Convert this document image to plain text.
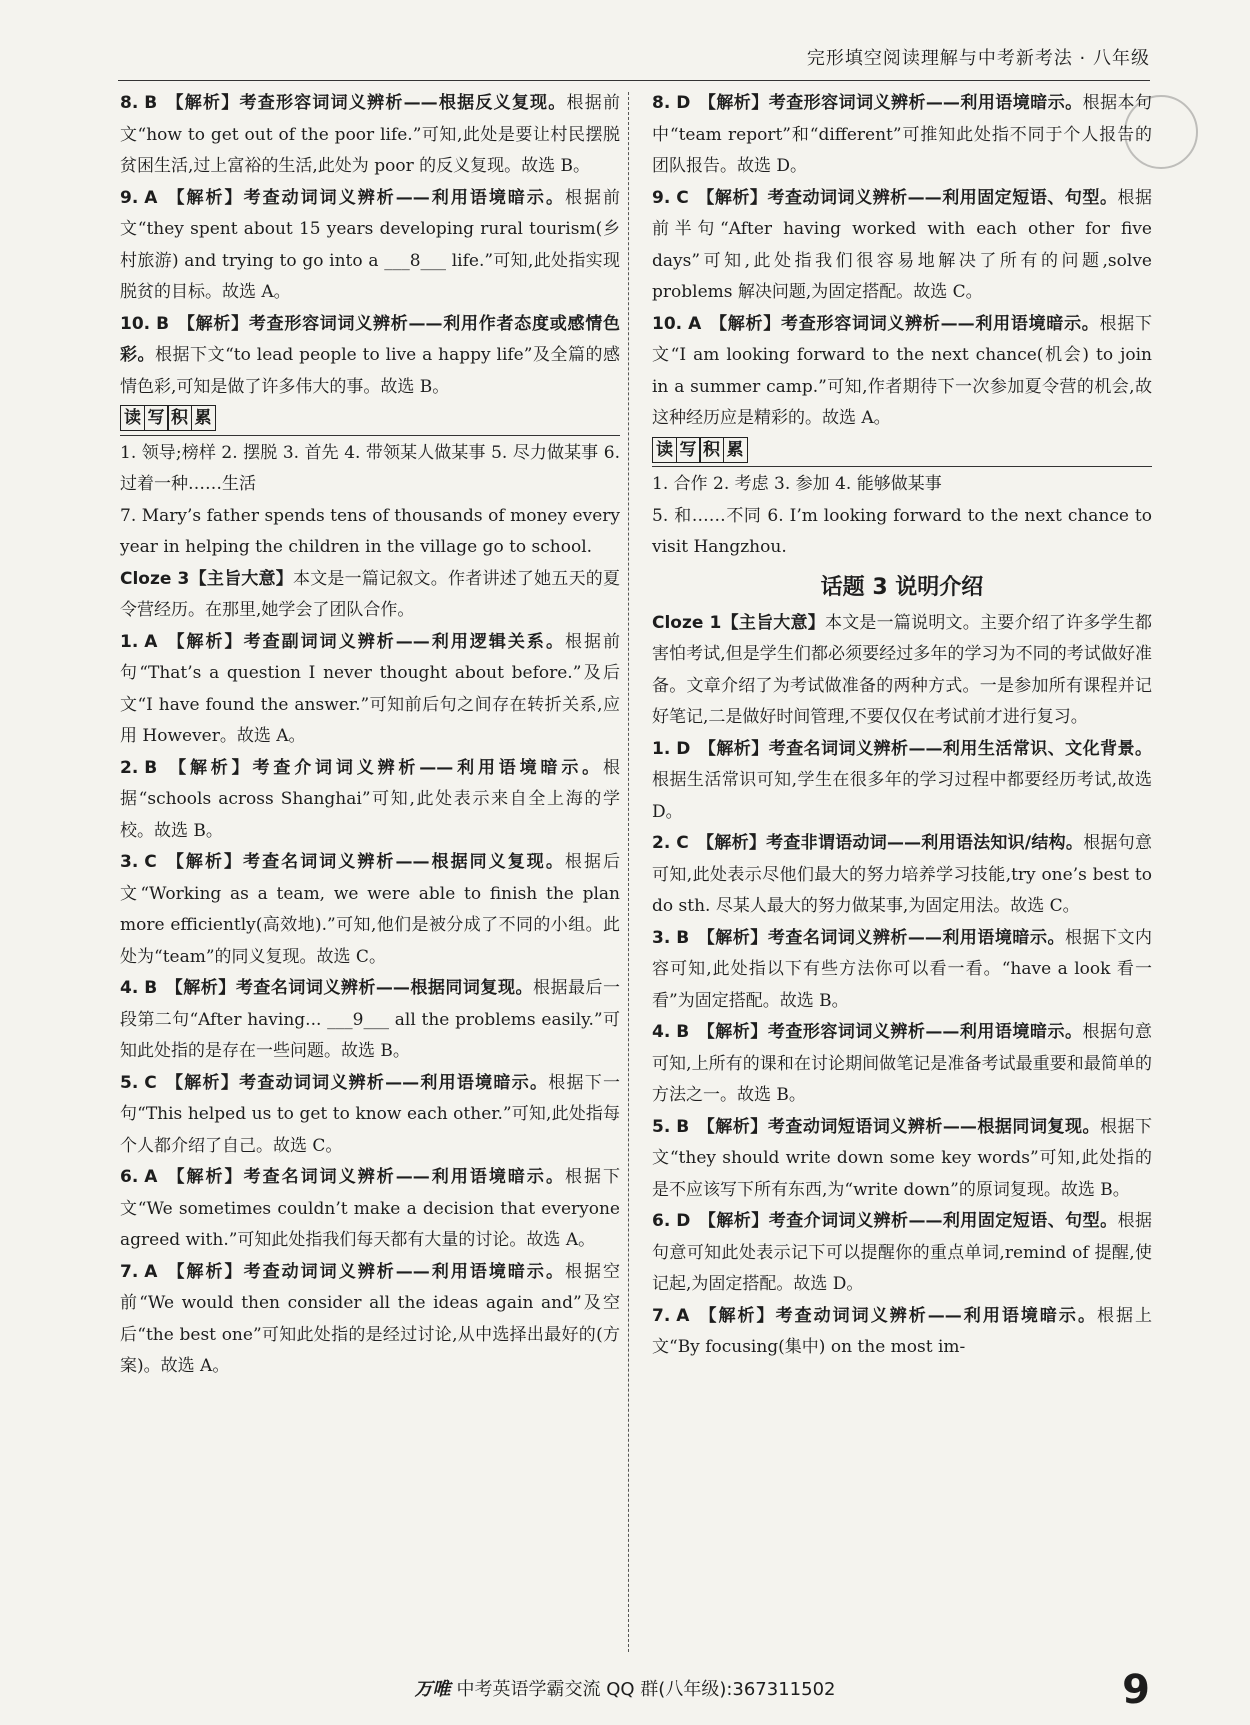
完形填空阅读理解与中考新考法 · 八年级

8. B 【解析】考查形容词词义辨析——根据反义复现。根据前文“how to get out of the poor life.”可知,此处是要让村民摆脱贫困生活,过上富裕的生活,此处为 poor 的反义复现。故选 B。

9. A 【解析】考查动词词义辨析——利用语境暗示。根据前文“they spent about 15 years developing rural tourism(乡村旅游) and trying to go into a ___8___ life.”可知,此处指实现脱贫的目标。故选 A。

10. B 【解析】考查形容词词义辨析——利用作者态度或感情色彩。根据下文“to lead people to live a happy life”及全篇的感情色彩,可知是做了许多伟大的事。故选 B。

读 写 积 累

1. 领导;榜样 2. 摆脱 3. 首先 4. 带领某人做某事 5. 尽力做某事 6. 过着一种……生活

7. Mary’s father spends tens of thousands of money every year in helping the children in the village go to school.

Cloze 3【主旨大意】本文是一篇记叙文。作者讲述了她五天的夏令营经历。在那里,她学会了团队合作。

1. A 【解析】考查副词词义辨析——利用逻辑关系。根据前句“That’s a question I never thought about before.”及后文“I have found the answer.”可知前后句之间存在转折关系,应用 However。故选 A。

2. B 【解析】考查介词词义辨析——利用语境暗示。根据“schools across Shanghai”可知,此处表示来自全上海的学校。故选 B。

3. C 【解析】考查名词词义辨析——根据同义复现。根据后文“Working as a team, we were able to finish the plan more efficiently(高效地).”可知,他们是被分成了不同的小组。此处为“team”的同义复现。故选 C。

4. B 【解析】考查名词词义辨析——根据同词复现。根据最后一段第二句“After having... ___9___ all the problems easily.”可知此处指的是存在一些问题。故选 B。

5. C 【解析】考查动词词义辨析——利用语境暗示。根据下一句“This helped us to get to know each other.”可知,此处指每个人都介绍了自己。故选 C。

6. A 【解析】考查名词词义辨析——利用语境暗示。根据下文“We sometimes couldn’t make a decision that everyone agreed with.”可知此处指我们每天都有大量的讨论。故选 A。

7. A 【解析】考查动词词义辨析——利用语境暗示。根据空前“We would then consider all the ideas again and”及空后“the best one”可知此处指的是经过讨论,从中选择出最好的(方案)。故选 A。

8. D 【解析】考查形容词词义辨析——利用语境暗示。根据本句中“team report”和“different”可推知此处指不同于个人报告的团队报告。故选 D。

9. C 【解析】考查动词词义辨析——利用固定短语、句型。根据前半句“After having worked with each other for five days”可知,此处指我们很容易地解决了所有的问题,solve problems 解决问题,为固定搭配。故选 C。

10. A 【解析】考查形容词词义辨析——利用语境暗示。根据下文“I am looking forward to the next chance(机会) to join in a summer camp.”可知,作者期待下一次参加夏令营的机会,故这种经历应是精彩的。故选 A。

读 写 积 累

1. 合作 2. 考虑 3. 参加 4. 能够做某事

5. 和……不同 6. I’m looking forward to the next chance to visit Hangzhou.

话题 3 说明介绍

Cloze 1【主旨大意】本文是一篇说明文。主要介绍了许多学生都害怕考试,但是学生们都必须要经过多年的学习为不同的考试做好准备。文章介绍了为考试做准备的两种方式。一是参加所有课程并记好笔记,二是做好时间管理,不要仅仅在考试前才进行复习。

1. D 【解析】考查名词词义辨析——利用生活常识、文化背景。根据生活常识可知,学生在很多年的学习过程中都要经历考试,故选 D。

2. C 【解析】考查非谓语动词——利用语法知识/结构。根据句意可知,此处表示尽他们最大的努力培养学习技能,try one’s best to do sth. 尽某人最大的努力做某事,为固定用法。故选 C。

3. B 【解析】考查名词词义辨析——利用语境暗示。根据下文内容可知,此处指以下有些方法你可以看一看。“have a look 看一看”为固定搭配。故选 B。

4. B 【解析】考查形容词词义辨析——利用语境暗示。根据句意可知,上所有的课和在讨论期间做笔记是准备考试最重要和最简单的方法之一。故选 B。

5. B 【解析】考查动词短语词义辨析——根据同词复现。根据下文“they should write down some key words”可知,此处指的是不应该写下所有东西,为“write down”的原词复现。故选 B。

6. D 【解析】考查介词词义辨析——利用固定短语、句型。根据句意可知此处表示记下可以提醒你的重点单词,remind of 提醒,使记起,为固定搭配。故选 D。

7. A 【解析】考查动词词义辨析——利用语境暗示。根据上文“By focusing(集中) on the most im-

万唯 中考英语学霸交流 QQ 群(八年级):367311502	9
